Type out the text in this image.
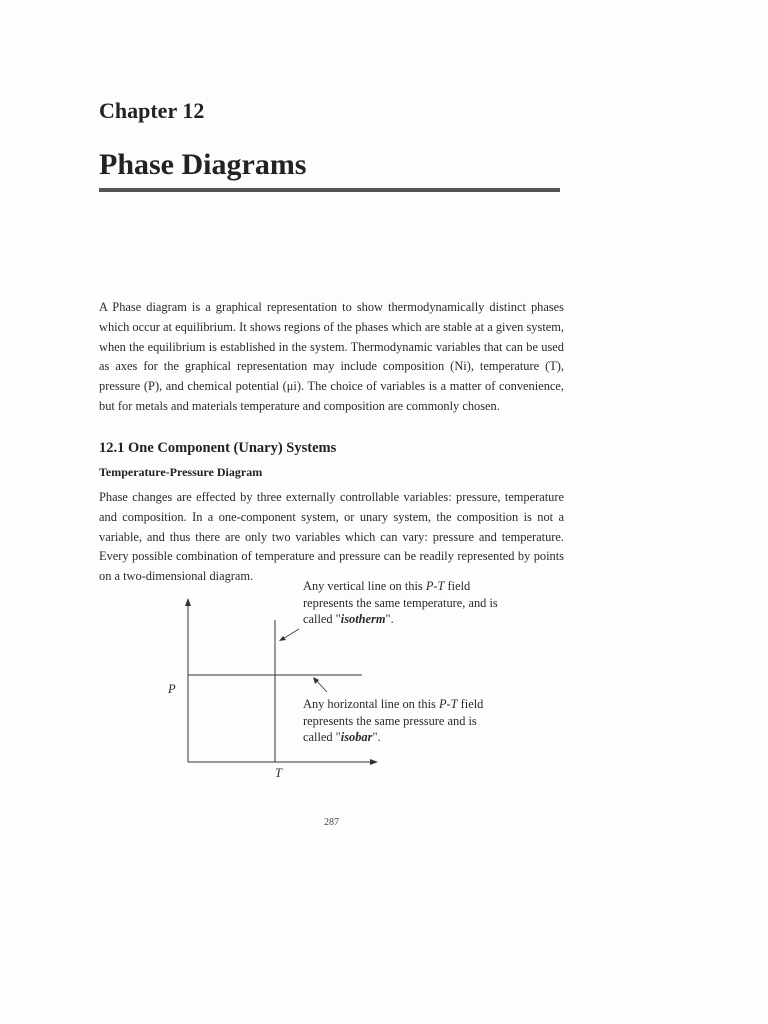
Chapter 12
Phase Diagrams

A Phase diagram is a graphical representation to show thermodynamically distinct phases which occur at equilibrium. It shows regions of the phases which are stable at a given system, when the equilibrium is established in the system. Thermodynamic variables that can be used as axes for the graphical representation may include composition (Ni), temperature (T), pressure (P), and chemical potential (μi). The choice of variables is a matter of convenience, but for metals and materials temperature and composition are commonly chosen.

12.1 One Component (Unary) Systems
Temperature-Pressure Diagram

Phase changes are effected by three externally controllable variables: pressure, temperature and composition. In a one-component system, or unary system, the composition is not a variable, and thus there are only two variables which can vary: pressure and temperature. Every possible combination of temperature and pressure can be readily represented by points on a two-dimensional diagram.

Any vertical line on this P-T field represents the same temperature, and is called "isotherm".

Any horizontal line on this P-T field represents the same pressure and is called "isobar".

P
T
287
